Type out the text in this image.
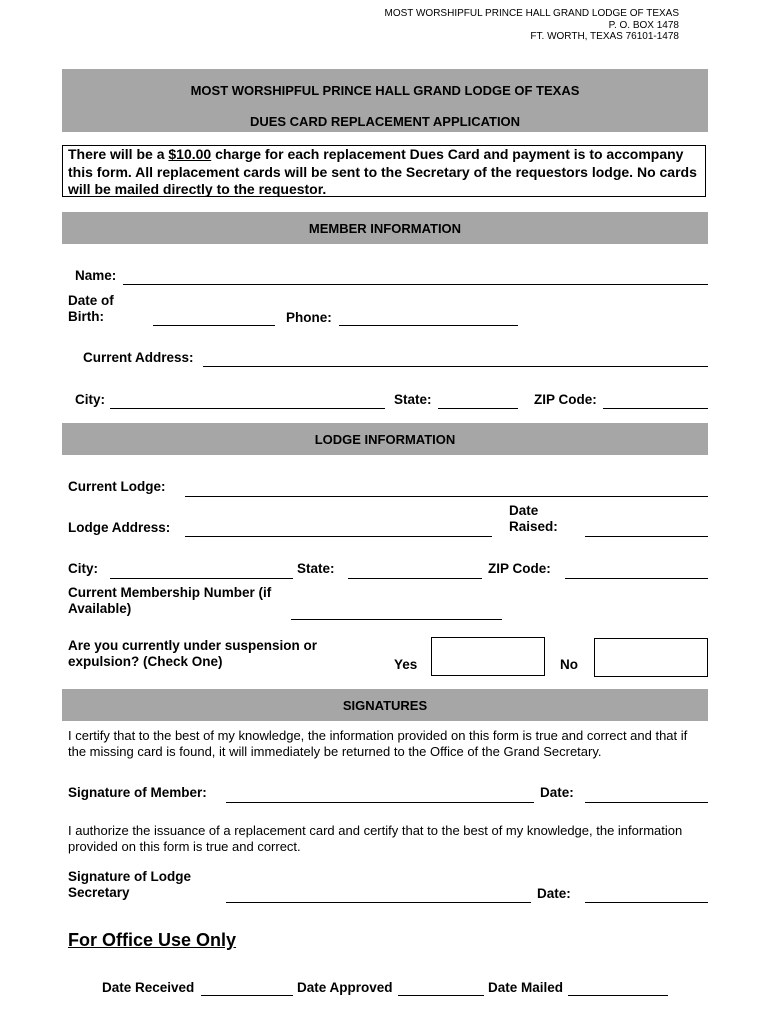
MOST WORSHIPFUL PRINCE HALL GRAND LODGE OF TEXAS
P. O. BOX 1478
FT. WORTH, TEXAS 76101-1478
MOST WORSHIPFUL PRINCE HALL GRAND LODGE OF TEXAS
DUES CARD REPLACEMENT APPLICATION
There will be a $10.00 charge for each replacement Dues Card and payment is to accompany this form. All replacement cards will be sent to the Secretary of the requestors lodge. No cards will be mailed directly to the requestor.
MEMBER INFORMATION
Name:
Date of
Birth:	Phone:
Current Address:
City:	State:	ZIP Code:
LODGE INFORMATION
Current Lodge:
Lodge Address:
Date
Raised:
City:	State:	ZIP Code:
Current Membership Number (if
Available)
Are you currently under suspension or
expulsion? (Check One)	Yes	No
SIGNATURES
I certify that to the best of my knowledge, the information provided on this form is true and correct and that if the missing card is found, it will immediately be returned to the Office of the Grand Secretary.
Signature of Member:	Date:
I authorize the issuance of a replacement card and certify that to the best of my knowledge, the information provided on this form is true and correct.
Signature of Lodge
Secretary	Date:
For Office Use Only
Date Received	Date Approved	Date Mailed
